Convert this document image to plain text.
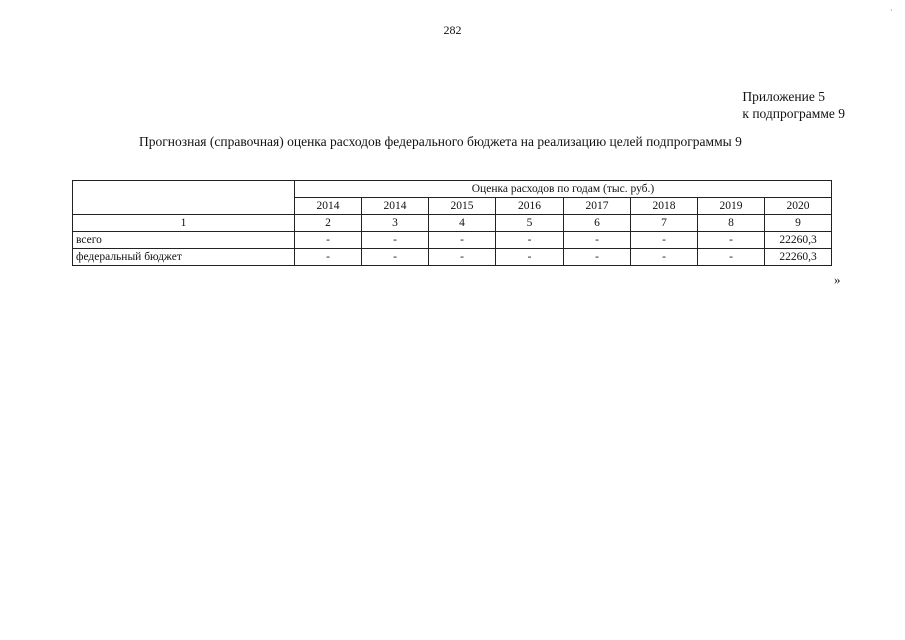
·
282
Приложение 5
к подпрограмме 9
Прогнозная (справочная) оценка расходов федерального бюджета на реализацию целей подпрограммы 9
	Оценка расходов по годам (тыс. руб.)							
	2014	2014	2015	2016	2017	2018	2019	2020
1	2	3	4	5	6	7	8	9
всего	-	-	-	-	-	-	-	22260,3
федеральный бюджет	-	-	-	-	-	-	-	22260,3
»
